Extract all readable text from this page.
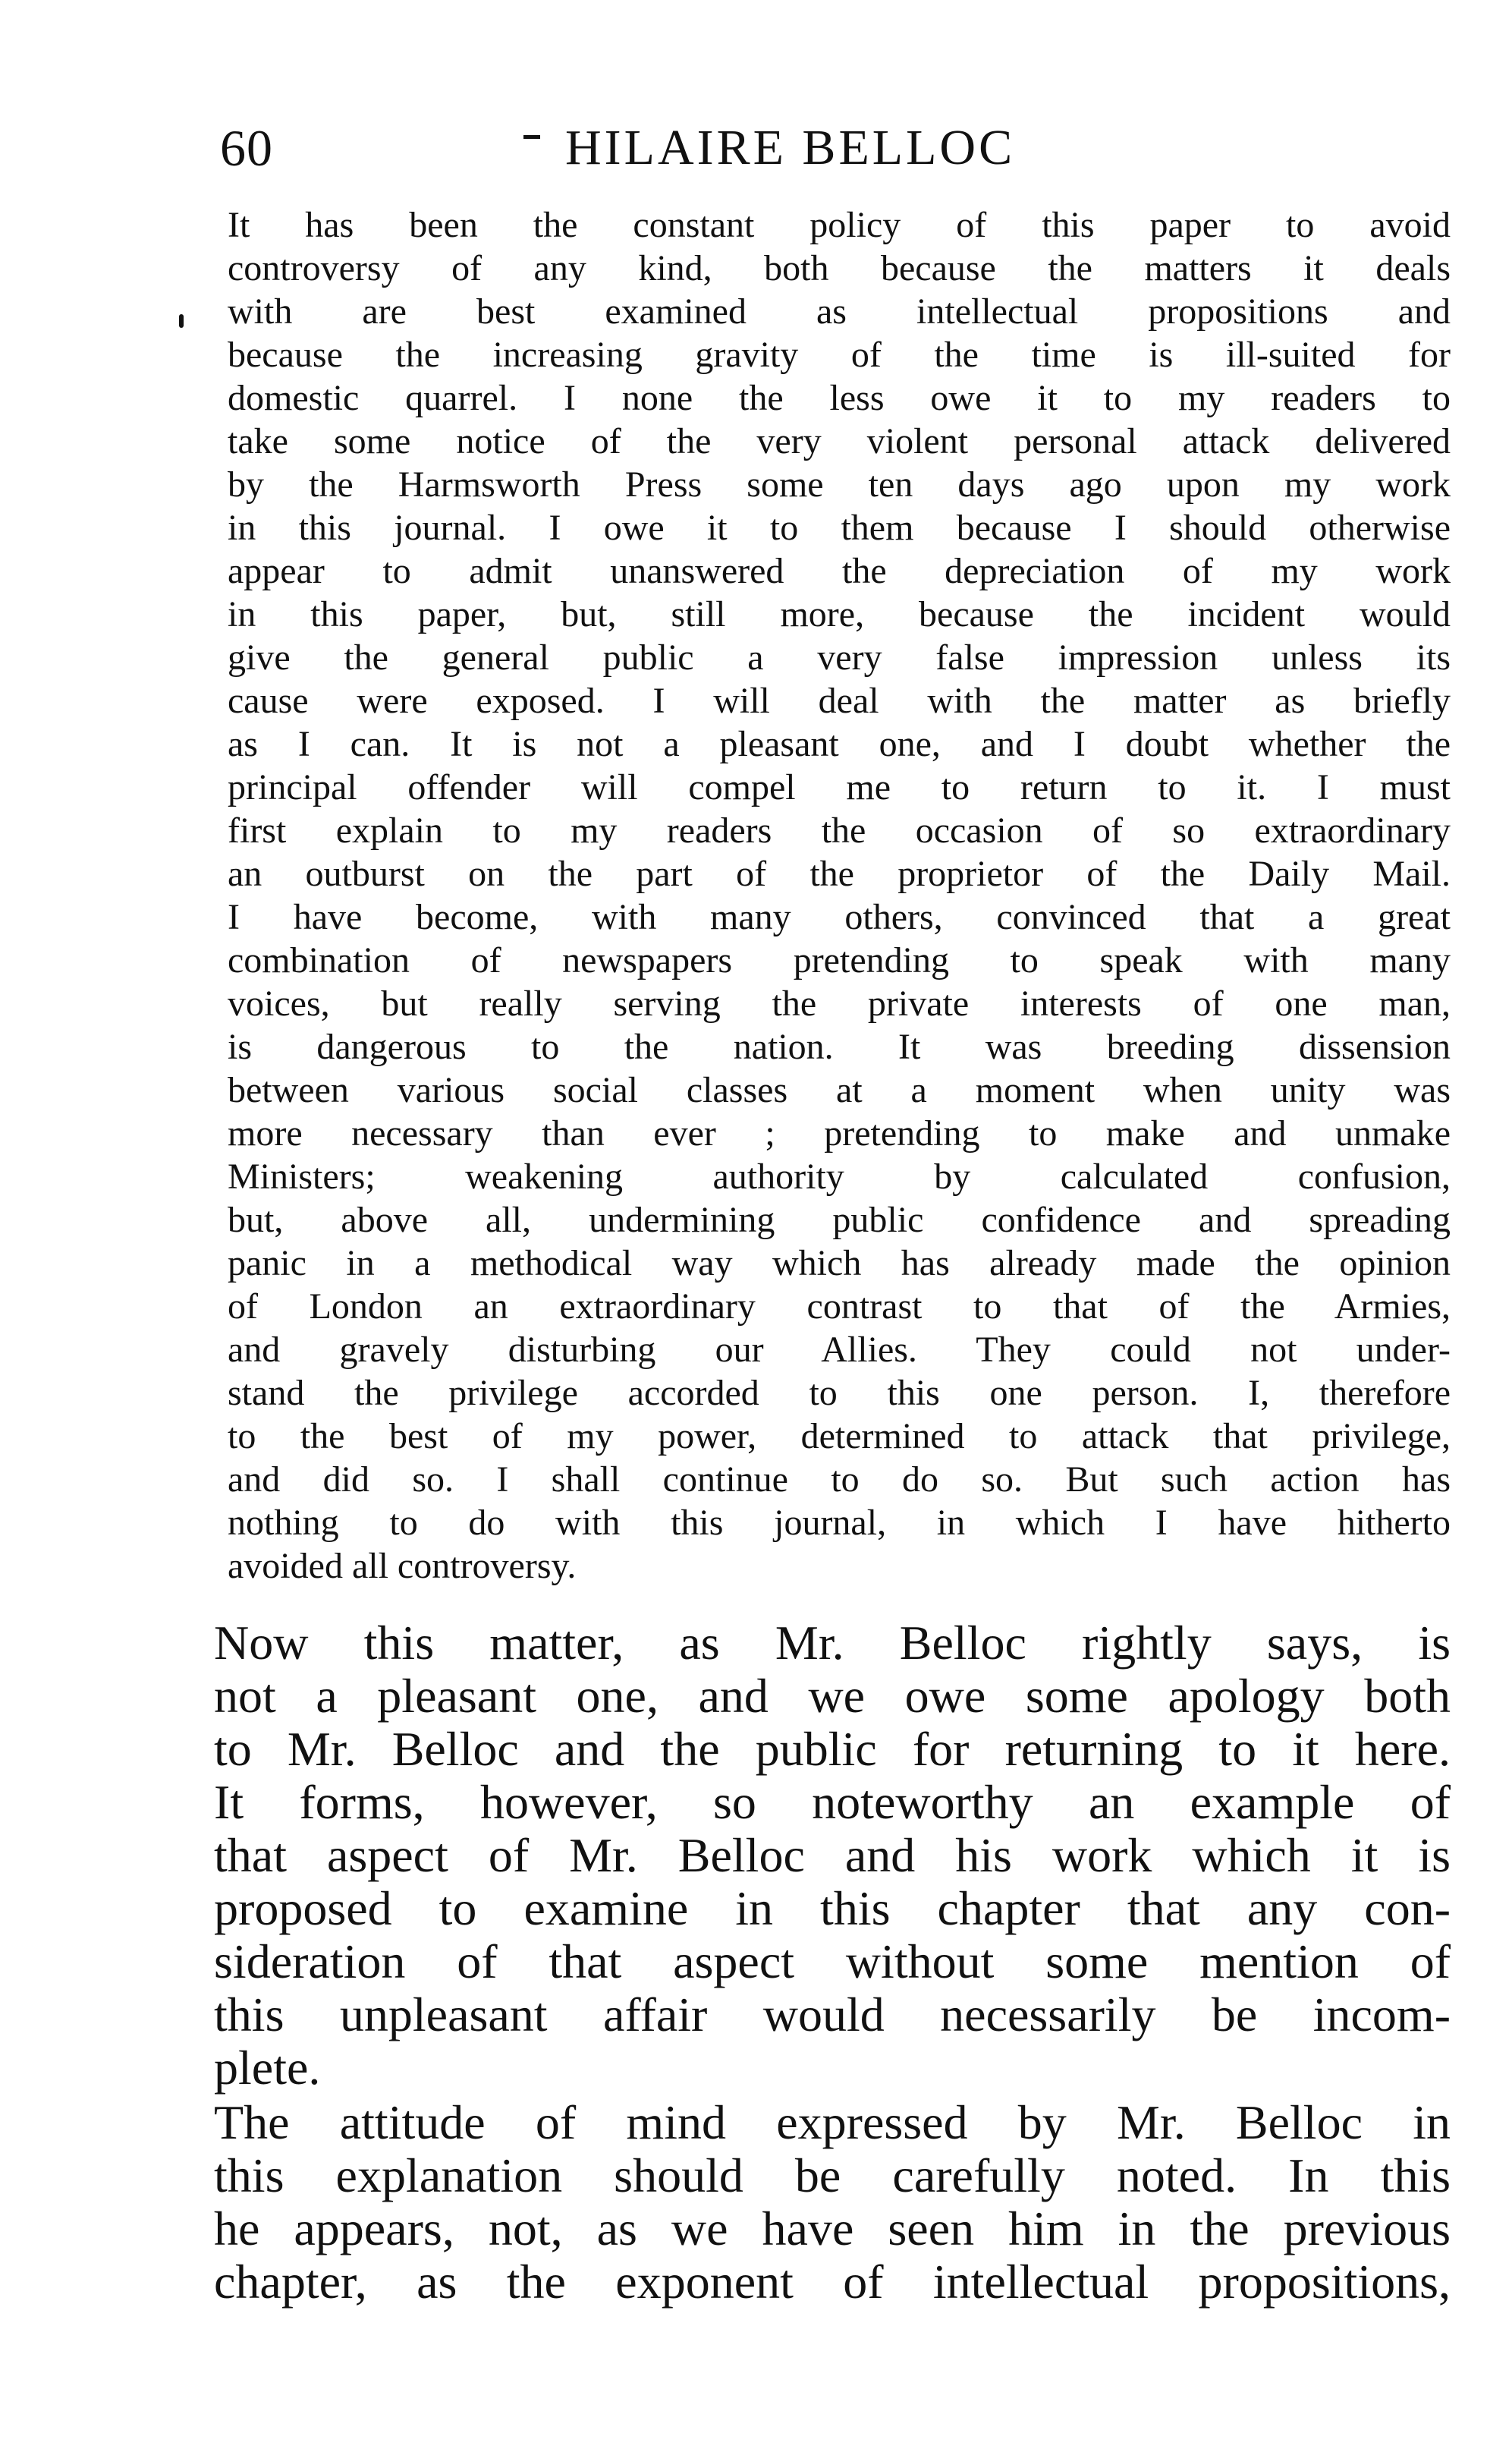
60	HILAIRE BELLOC
It has been the constant policy of this paper to avoid
controversy of any kind, both because the matters it deals
with are best examined as intellectual propositions and
because the increasing gravity of the time is ill-suited for
domestic quarrel. I none the less owe it to my readers to
take some notice of the very violent personal attack delivered
by the Harmsworth Press some ten days ago upon my work
in this journal. I owe it to them because I should otherwise
appear to admit unanswered the depreciation of my work
in this paper, but, still more, because the incident would
give the general public a very false impression unless its
cause were exposed. I will deal with the matter as briefly
as I can. It is not a pleasant one, and I doubt whether the
principal offender will compel me to return to it. I must
first explain to my readers the occasion of so extraordinary
an outburst on the part of the proprietor of the Daily Mail.
I have become, with many others, convinced that a great
combination of newspapers pretending to speak with many
voices, but really serving the private interests of one man,
is dangerous to the nation. It was breeding dissension
between various social classes at a moment when unity was
more necessary than ever ; pretending to make and unmake
Ministers; weakening authority by calculated confusion,
but, above all, undermining public confidence and spreading
panic in a methodical way which has already made the opinion
of London an extraordinary contrast to that of the Armies,
and gravely disturbing our Allies. They could not under-
stand the privilege accorded to this one person. I, therefore
to the best of my power, determined to attack that privilege,
and did so. I shall continue to do so. But such action has
nothing to do with this journal, in which I have hitherto
avoided all controversy.
Now this matter, as Mr. Belloc rightly says, is
not a pleasant one, and we owe some apology both
to Mr. Belloc and the public for returning to it here.
It forms, however, so noteworthy an example of
that aspect of Mr. Belloc and his work which it is
proposed to examine in this chapter that any con-
sideration of that aspect without some mention of
this unpleasant affair would necessarily be incom-
plete.
The attitude of mind expressed by Mr. Belloc in
this explanation should be carefully noted. In this
he appears, not, as we have seen him in the previous
chapter, as the exponent of intellectual propositions,
